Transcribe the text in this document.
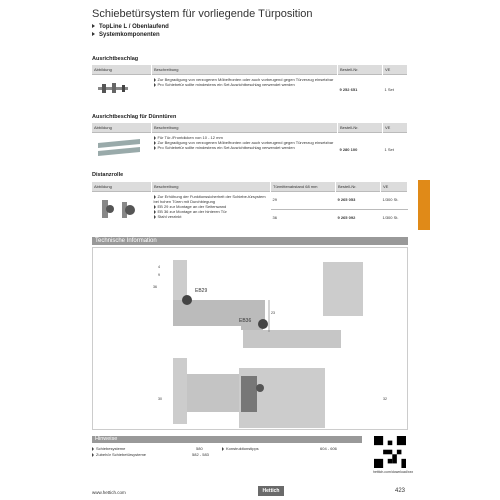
Schiebetürsystem für vorliegende Türposition
TopLine L / Obenlaufend
Systemkomponenten
Ausrichtbeschlag
Abbildung	Beschreibung	Bestell-Nr.	VE

Zur Begradigung von verzogenen Möbelfronten oder auch vorbeugend gegen Türverzug einsetzbar
Pro Schiebetür sollte mindestens ein Set Ausrichtbeschlag verwendet werden	9 252 651	1 Set
Ausrichtbeschlag für Dünntüren
Abbildung	Beschreibung	Bestell-Nr.	VE

Für Tür-/Frontdicken von 10 - 12 mm
Zur Begradigung von verzogenen Möbelfronten oder auch vorbeugend gegen Türverzug einsetzbar
Pro Schiebetür sollte mindestens ein Set Ausrichtbeschlag verwendet werden	9 280 100	1 Set
Distanzrolle
Abbildung	Beschreibung	Türmittenabstand 68 mm	Bestell-Nr.	VE

Zur Erhöhung der Funktionssicherheit der Schiebe-türsystem bei hohen Türen mit Durchbiegung
EB 29 zur Montage an der Seitenwand
EB 36 zur Montage an der hinteren Tür
Stahl verzinkt	29	9 265 053	1/300 St.
		36	9 265 092	1/300 St.
Technische Information
EB29
EB36
4
9
36
23
30	32
Hinweise
Schiebesysteme	580
Zubehör Schiebetürsysteme	582 - 583
Konstruktionstipps	604 - 606
hettich.com/download/xxx
www.hettich.com	Hettich	423
